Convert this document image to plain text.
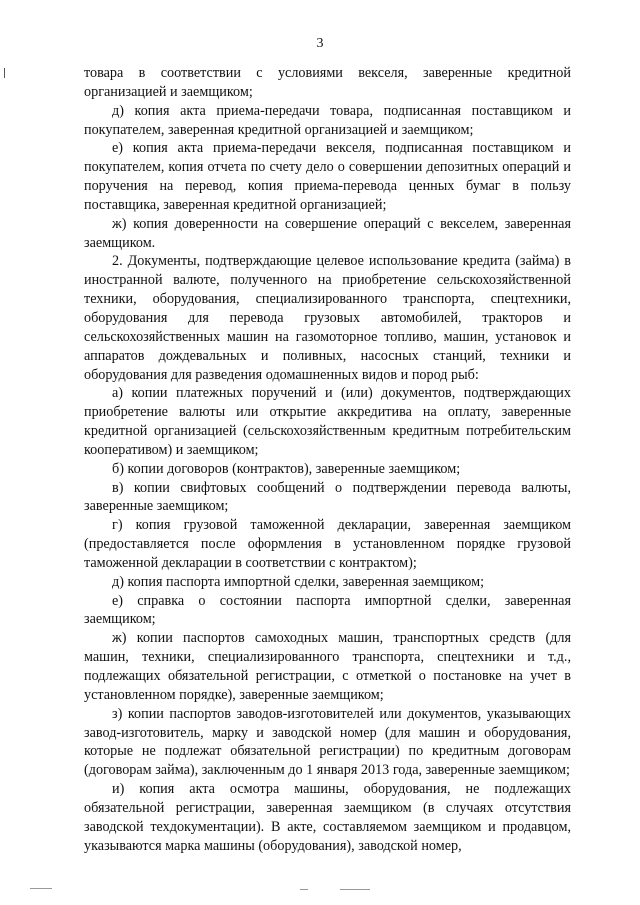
3

товара в соответствии с условиями векселя, заверенные кредитной организацией и заемщиком;

д) копия акта приема-передачи товара, подписанная поставщиком и покупателем, заверенная кредитной организацией и заемщиком;

е) копия акта приема-передачи векселя, подписанная поставщиком и покупателем, копия отчета по счету дело о совершении депозитных операций и поручения на перевод, копия приема-перевода ценных бумаг в пользу поставщика, заверенная кредитной организацией;

ж) копия доверенности на совершение операций с векселем, заверенная заемщиком.

2. Документы, подтверждающие целевое использование кредита (займа) в иностранной валюте, полученного на приобретение сельскохозяйственной техники, оборудования, специализированного транспорта, спецтехники, оборудования для перевода грузовых автомобилей, тракторов и сельскохозяйственных машин на газомоторное топливо, машин, установок и аппаратов дождевальных и поливных, насосных станций, техники и оборудования для разведения одомашненных видов и пород рыб:

а) копии платежных поручений и (или) документов, подтверждающих приобретение валюты или открытие аккредитива на оплату, заверенные кредитной организацией (сельскохозяйственным кредитным потребительским кооперативом) и заемщиком;

б) копии договоров (контрактов), заверенные заемщиком;

в) копии свифтовых сообщений о подтверждении перевода валюты, заверенные заемщиком;

г) копия грузовой таможенной декларации, заверенная заемщиком (предоставляется после оформления в установленном порядке грузовой таможенной декларации в соответствии с контрактом);

д) копия паспорта импортной сделки, заверенная заемщиком;

е) справка о состоянии паспорта импортной сделки, заверенная заемщиком;

ж) копии паспортов самоходных машин, транспортных средств (для машин, техники, специализированного транспорта, спецтехники и т.д., подлежащих обязательной регистрации, с отметкой о постановке на учет в установленном порядке), заверенные заемщиком;

з) копии паспортов заводов-изготовителей или документов, указывающих завод-изготовитель, марку и заводской номер (для машин и оборудования, которые не подлежат обязательной регистрации) по кредитным договорам (договорам займа), заключенным до 1 января 2013 года, заверенные заемщиком;

и) копия акта осмотра машины, оборудования, не подлежащих обязательной регистрации, заверенная заемщиком (в случаях отсутствия заводской техдокументации). В акте, составляемом заемщиком и продавцом, указываются марка машины (оборудования), заводской номер,
